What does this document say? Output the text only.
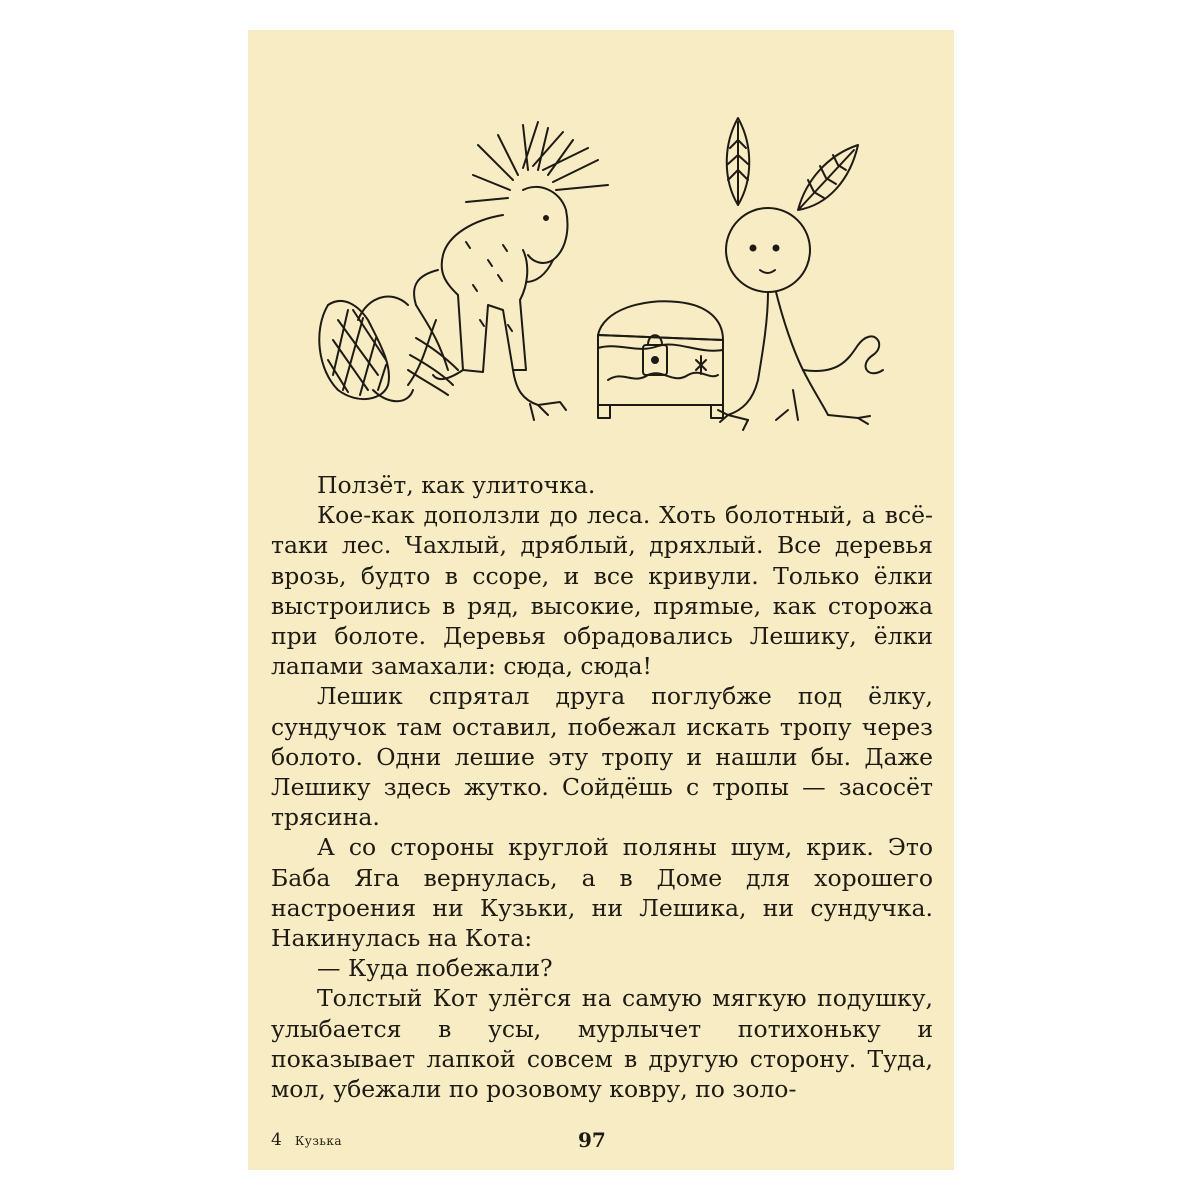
Ползёт, как улиточка.

Кое-как доползли до леса. Хоть болотный, а всё-таки лес. Чахлый, дряблый, дряхлый. Все деревья врозь, будто в ссоре, и все кривули. Только ёлки выстроились в ряд, высокие, пряmые, как сторожа при болоте. Деревья обрадовались Лешику, ёлки лапами замахали: сюда, сюда!

Лешик спрятал друга поглубже под ёлку, сундучок там оставил, побежал искать тропу через болото. Одни лешие эту тропу и нашли бы. Даже Лешику здесь жутко. Сойдёшь с тропы — засосёт трясина.

А со стороны круглой поляны шум, крик. Это Баба Яга вернулась, а в Доме для хорошего настроения ни Кузьки, ни Лешика, ни сундучка. Накинулась на Кота:

— Куда побежали?

Толстый Кот улёгся на самую мягкую подушку, улыбается в усы, мурлычет потихоньку и показывает лапкой совсем в другую сторону. Туда, мол, убежали по розовому ковру, по золо-

4 Кузька	97
